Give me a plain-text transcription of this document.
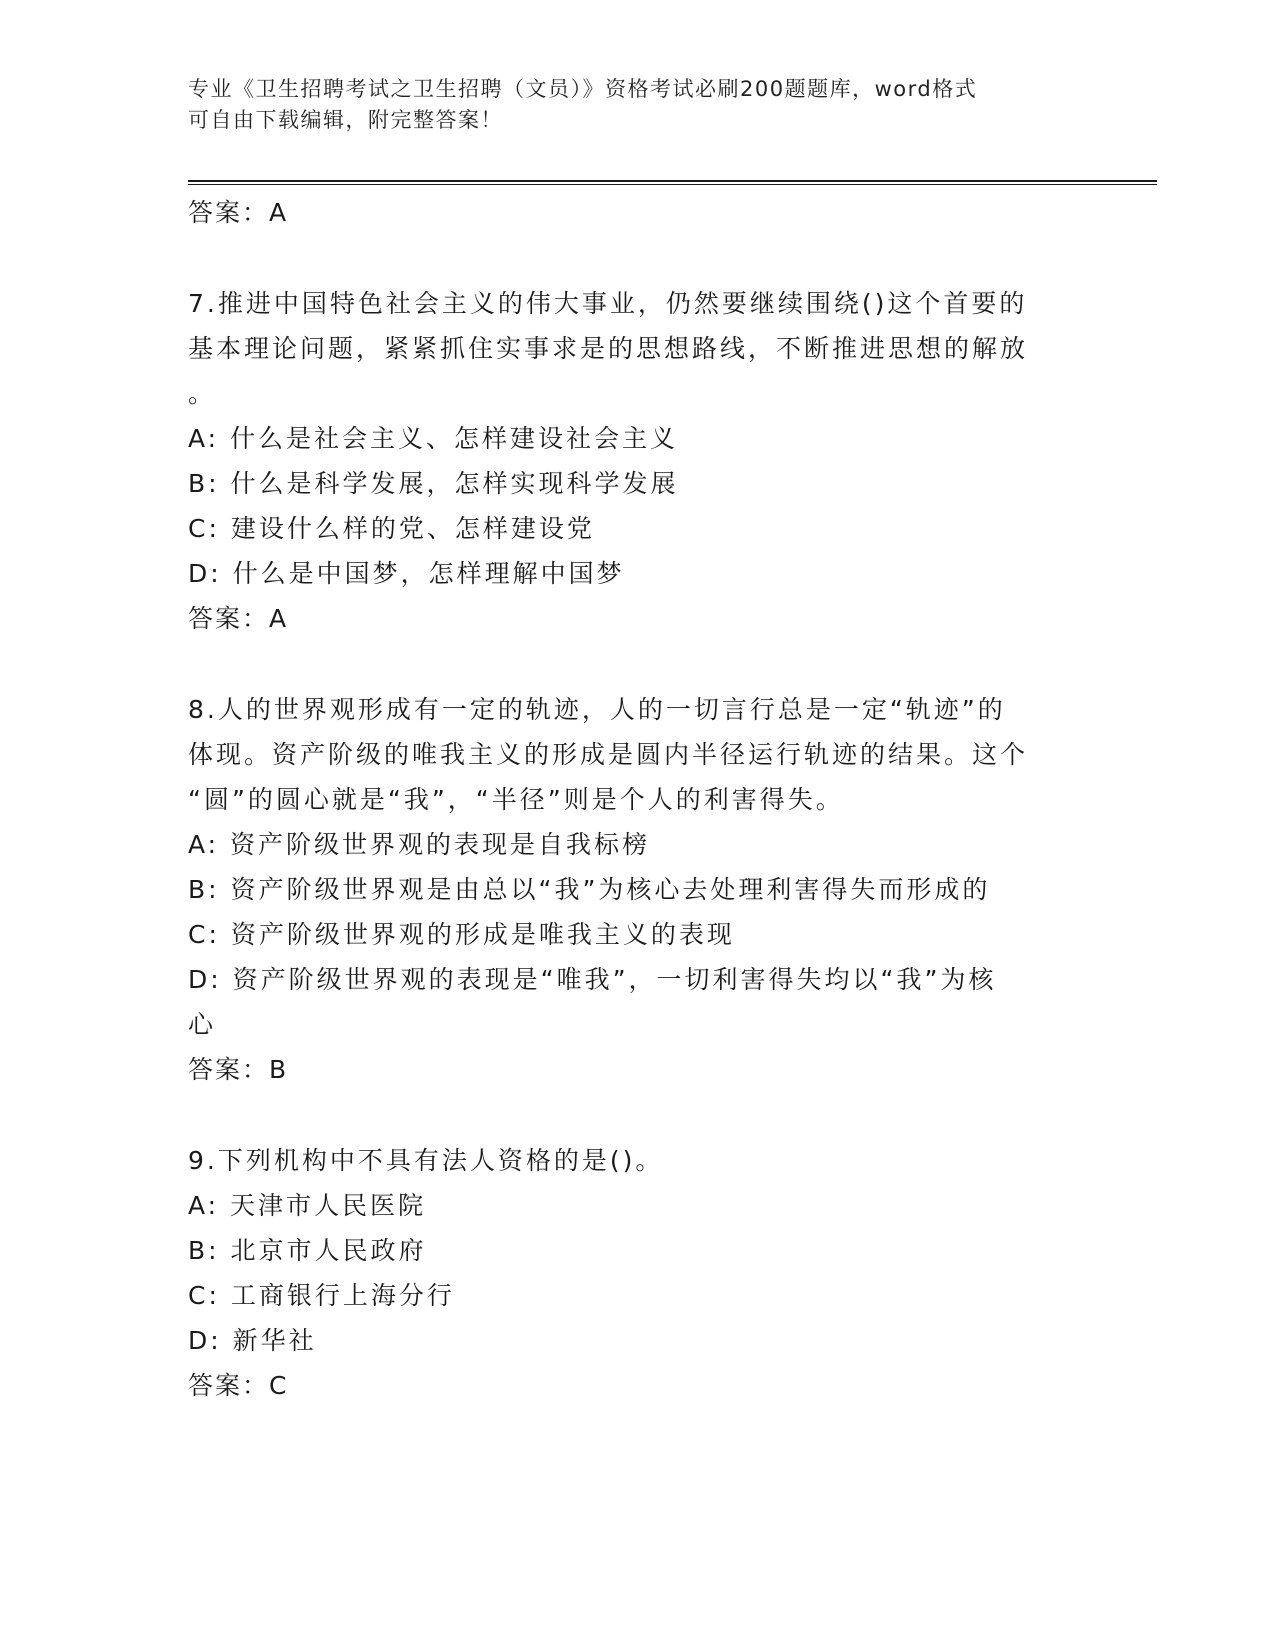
专业《卫生招聘考试之卫生招聘（文员）》资格考试必刷200题题库，word格式
可自由下载编辑，附完整答案！
答案：A
7.推进中国特色社会主义的伟大事业，仍然要继续围绕()这个首要的
基本理论问题，紧紧抓住实事求是的思想路线，不断推进思想的解放
。
A: 什么是社会主义、怎样建设社会主义
B: 什么是科学发展，怎样实现科学发展
C: 建设什么样的党、怎样建设党
D: 什么是中国梦，怎样理解中国梦
答案：A
8.人的世界观形成有一定的轨迹，人的一切言行总是一定“轨迹”的
体现。资产阶级的唯我主义的形成是圆内半径运行轨迹的结果。这个
“圆”的圆心就是“我”，“半径”则是个人的利害得失。
A: 资产阶级世界观的表现是自我标榜
B: 资产阶级世界观是由总以“我”为核心去处理利害得失而形成的
C: 资产阶级世界观的形成是唯我主义的表现
D: 资产阶级世界观的表现是“唯我”，一切利害得失均以“我”为核
心
答案：B
9.下列机构中不具有法人资格的是()。
A: 天津市人民医院
B: 北京市人民政府
C: 工商银行上海分行
D: 新华社
答案：C
